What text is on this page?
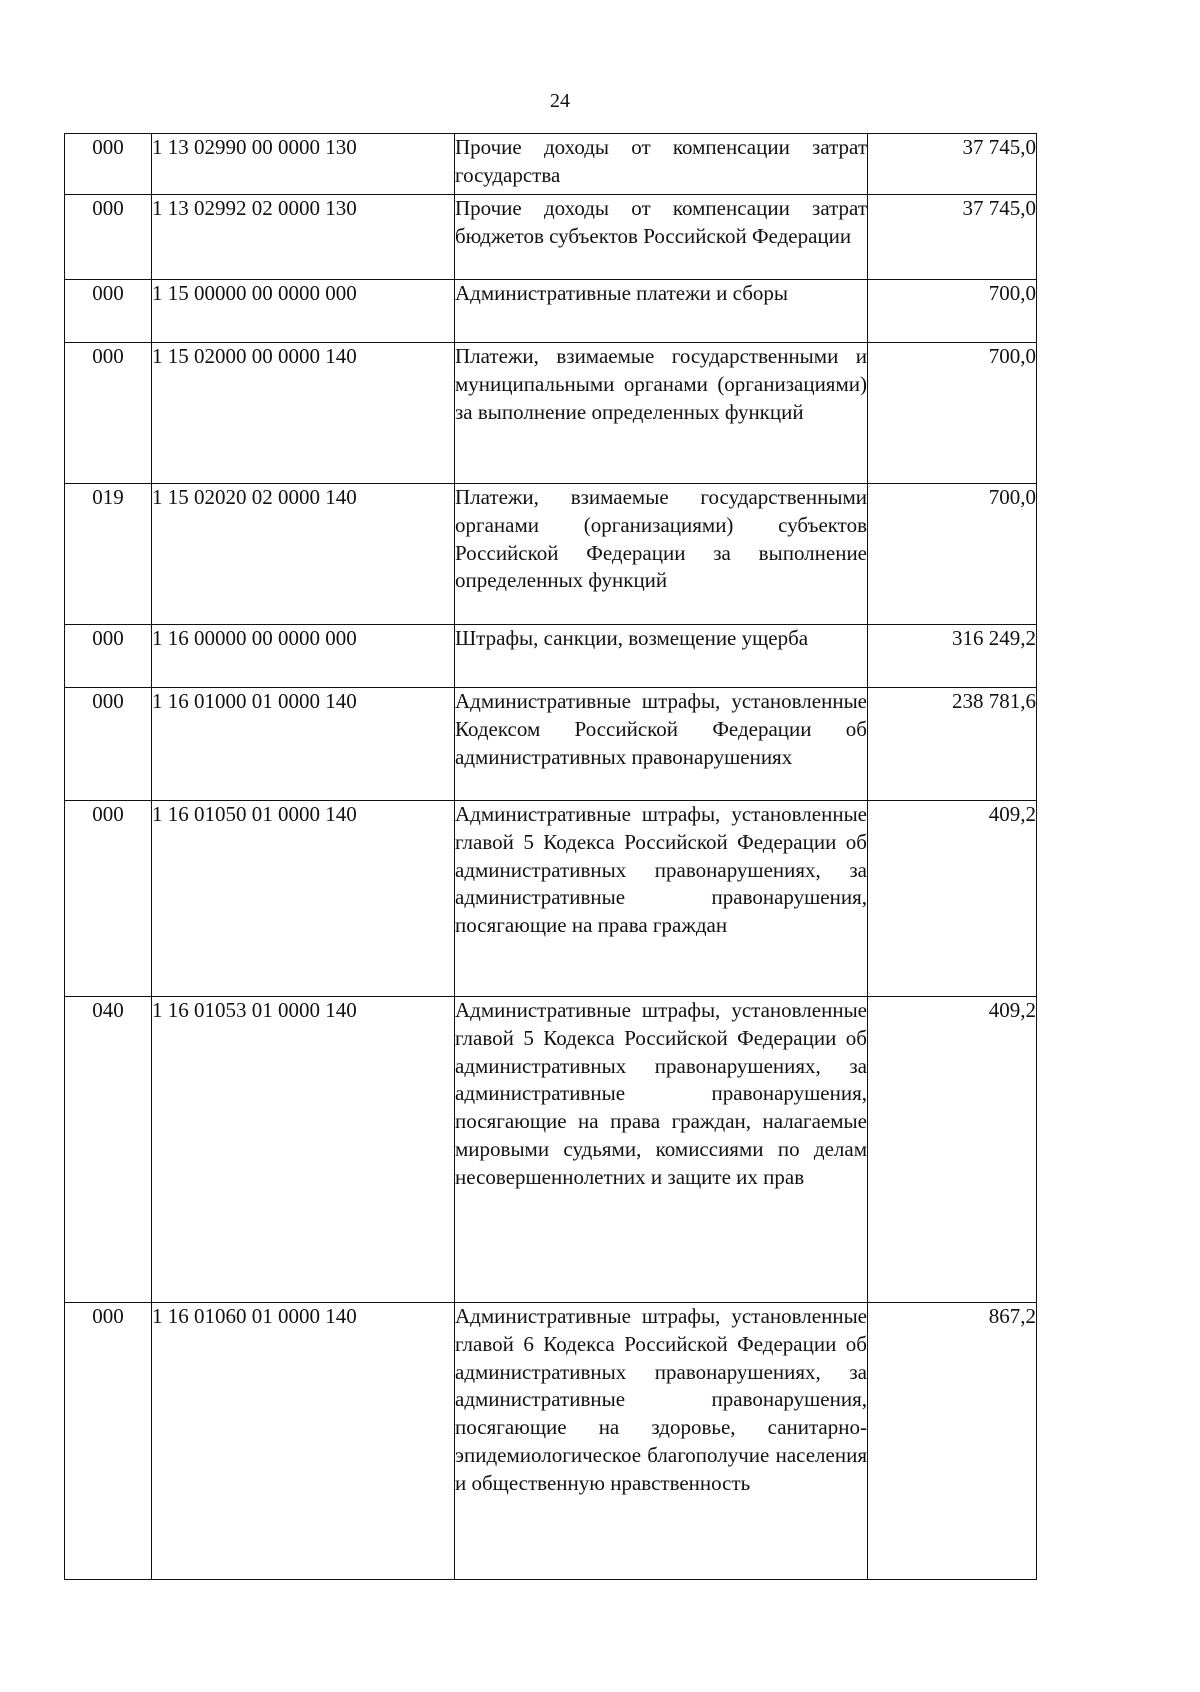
24
000	1 13 02990 00 0000 130	Прочие доходы от компенсации затрат государства	37 745,0
000	1 13 02992 02 0000 130	Прочие доходы от компенсации затрат бюджетов субъектов Российской Федерации	37 745,0
000	1 15 00000 00 0000 000	Административные платежи и сборы	700,0
000	1 15 02000 00 0000 140	Платежи, взимаемые государственными и муниципальными органами (организациями) за выполнение определенных функций	700,0
019	1 15 02020 02 0000 140	Платежи, взимаемые государственными органами (организациями) субъектов Российской Федерации за выполнение определенных функций	700,0
000	1 16 00000 00 0000 000	Штрафы, санкции, возмещение ущерба	316 249,2
000	1 16 01000 01 0000 140	Административные штрафы, установленные Кодексом Российской Федерации об административных правонарушениях	238 781,6
000	1 16 01050 01 0000 140	Административные штрафы, установленные главой 5 Кодекса Российской Федерации об административных правонарушениях, за административные правонарушения, посягающие на права граждан	409,2
040	1 16 01053 01 0000 140	Административные штрафы, установленные главой 5 Кодекса Российской Федерации об административных правонарушениях, за административные правонарушения, посягающие на права граждан, налагаемые мировыми судьями, комиссиями по делам несовершеннолетних и защите их прав	409,2
000	1 16 01060 01 0000 140	Административные штрафы, установленные главой 6 Кодекса Российской Федерации об административных правонарушениях, за административные правонарушения, посягающие на здоровье, санитарно-эпидемиологическое благополучие населения и общественную нравственность	867,2
